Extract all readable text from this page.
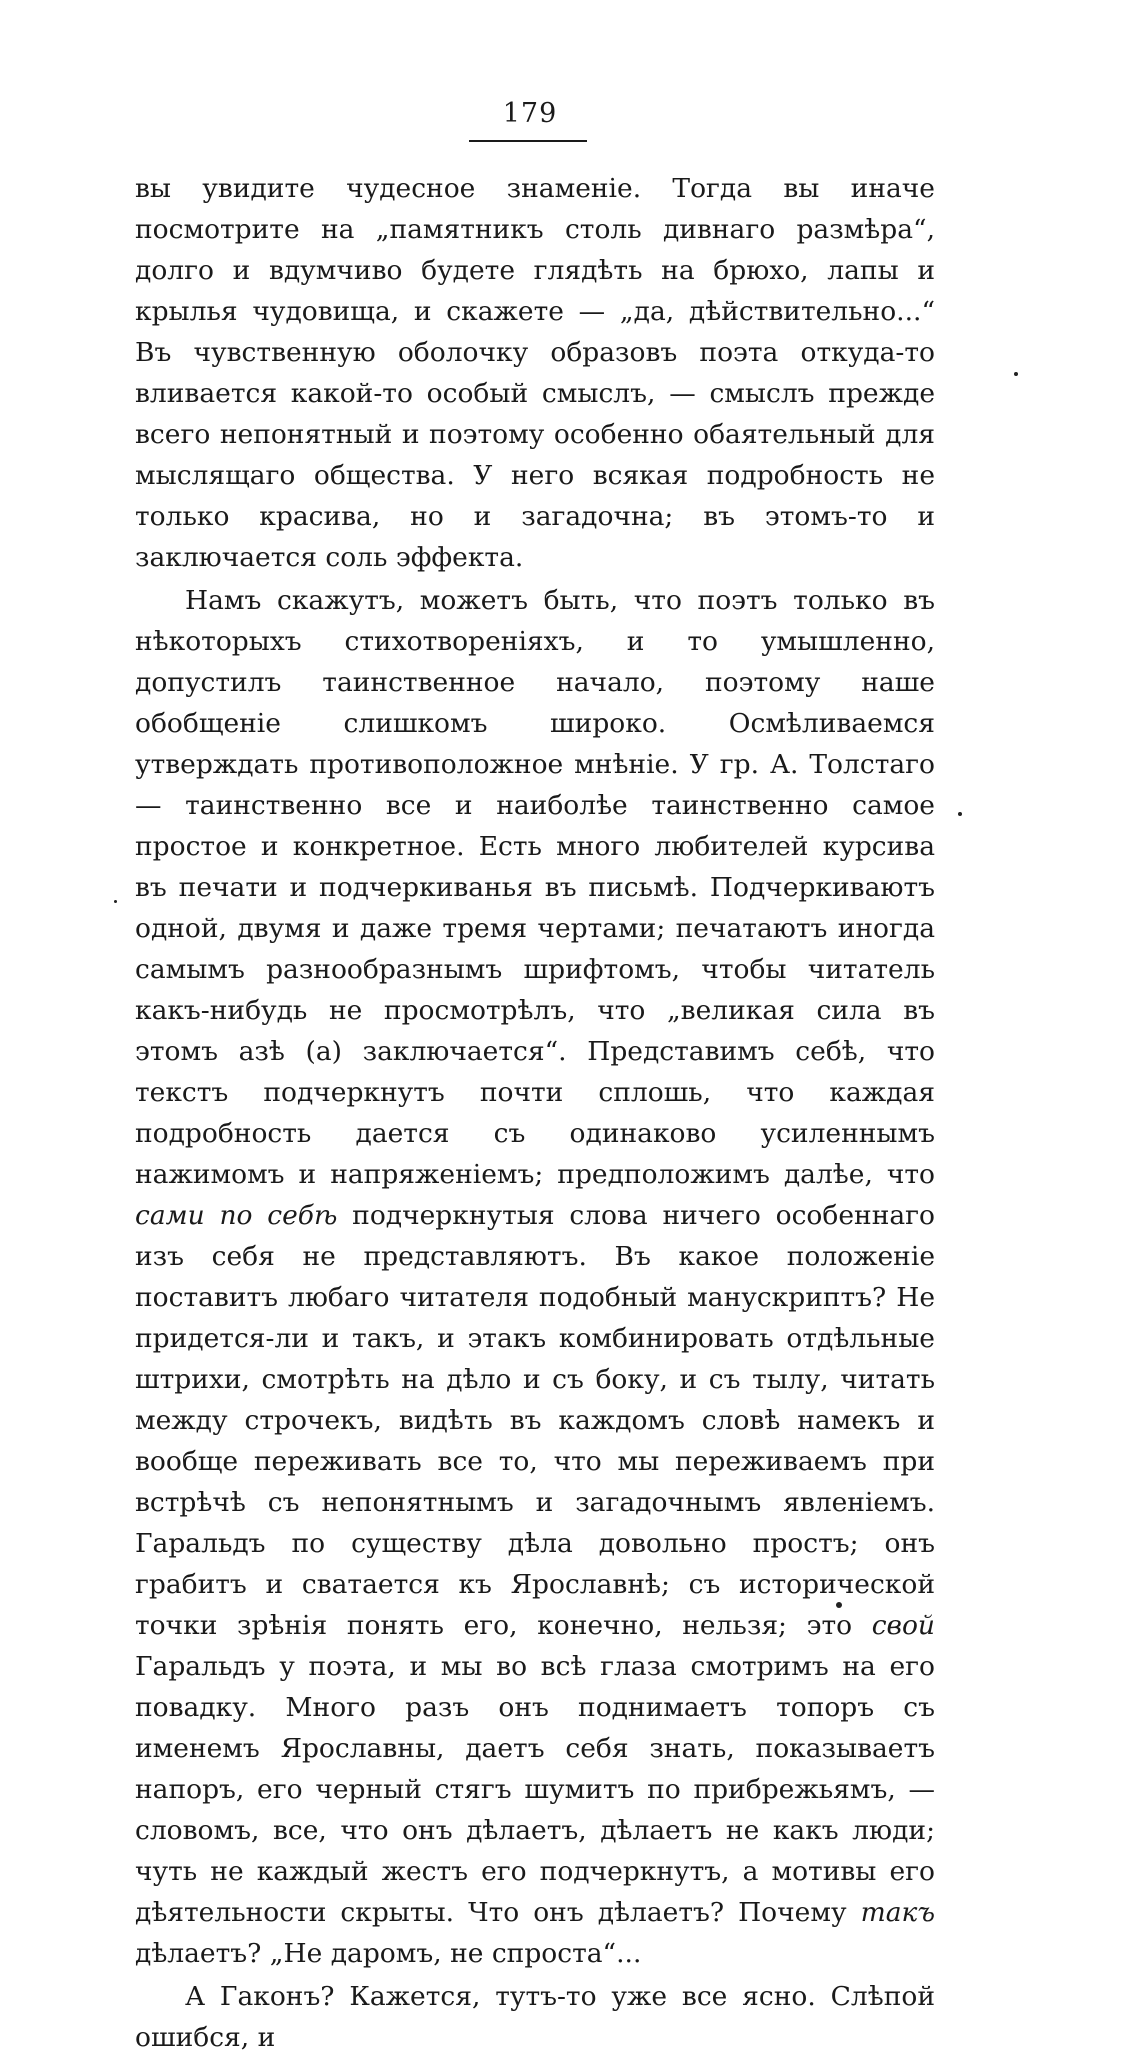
179

вы увидите чудесное знаменіе. Тогда вы иначе посмотрите на „памятникъ столь дивнаго размѣра“, долго и вдумчиво будете глядѣть на брюхо, лапы и крылья чудовища, и скажете — „да, дѣйствительно...“ Въ чувственную оболочку образовъ поэта откуда-то вливается какой-то особый смыслъ, — смыслъ прежде всего непонятный и поэтому особенно обаятельный для мыслящаго общества. У него всякая подробность не только красива, но и загадочна; въ этомъ-то и заключается соль эффекта.

Намъ скажутъ, можетъ быть, что поэтъ только въ нѣкоторыхъ стихотвореніяхъ, и то умышленно, допустилъ таинственное начало, поэтому наше обобщеніе слишкомъ широко. Осмѣливаемся утверждать противоположное мнѣніе. У гр. А. Толстаго — таинственно все и наиболѣе таинственно самое простое и конкретное. Есть много любителей курсива въ печати и подчеркиванья въ письмѣ. Подчеркиваютъ одной, двумя и даже тремя чертами; печатаютъ иногда самымъ разнообразнымъ шрифтомъ, чтобы читатель какъ-нибудь не просмотрѣлъ, что „великая сила въ этомъ азѣ (а) заключается“. Представимъ себѣ, что текстъ подчеркнутъ почти сплошь, что каждая подробность дается съ одинаково усиленнымъ нажимомъ и напряженіемъ; предположимъ далѣе, что сами по себѣ подчеркнутыя слова ничего особеннаго изъ себя не представляютъ. Въ какое положеніе поставитъ любаго читателя подобный манускриптъ? Не придется-ли и такъ, и этакъ комбинировать отдѣльные штрихи, смотрѣть на дѣло и съ боку, и съ тылу, читать между строчекъ, видѣть въ каждомъ словѣ намекъ и вообще переживать все то, что мы переживаемъ при встрѣчѣ съ непонятнымъ и загадочнымъ явленіемъ. Гаральдъ по существу дѣла довольно простъ; онъ грабитъ и сватается къ Ярославнѣ; съ исторической точки зрѣнія понять его, конечно, нельзя; это свой Гаральдъ у поэта, и мы во всѣ глаза смотримъ на его повадку. Много разъ онъ поднимаетъ топоръ съ именемъ Ярославны, даетъ себя знать, показываетъ напоръ, его черный стягъ шумитъ по прибрежьямъ, — словомъ, все, что онъ дѣлаетъ, дѣлаетъ не какъ люди; чуть не каждый жестъ его подчеркнутъ, а мотивы его дѣятельности скрыты. Что онъ дѣлаетъ? Почему такъ дѣлаетъ? „Не даромъ, не спроста“...

А Гаконъ? Кажется, тутъ-то уже все ясно. Слѣпой ошибся, и
